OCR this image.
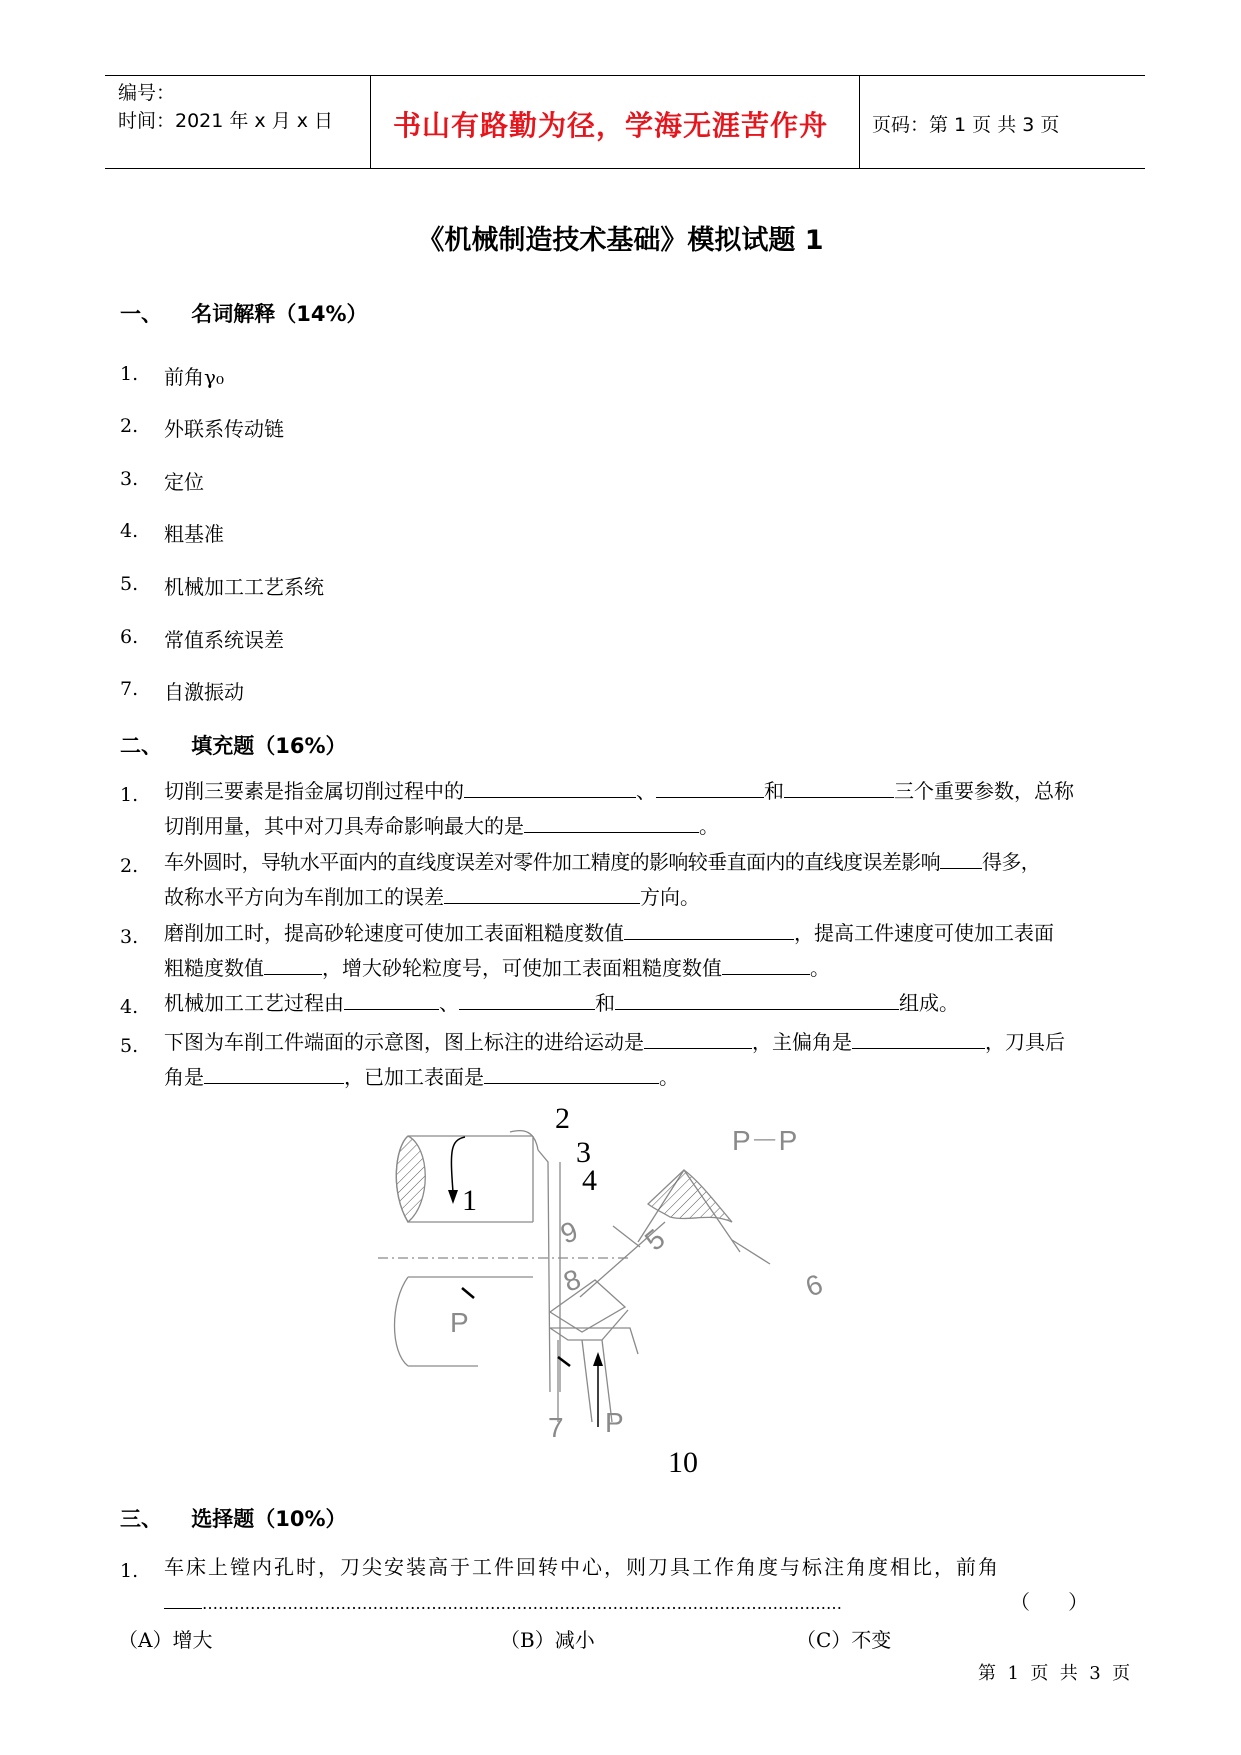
编号：
时间：2021 年 x 月 x 日 书山有路勤为径，学海无涯苦作舟 页码：第 1 页 共 3 页
《机械制造技术基础》模拟试题 1
一、    名词解释（14%）
1. 前角γ₀
2. 外联系传动链
3. 定位
4. 粗基准
5. 机械加工工艺系统
6. 常值系统误差
7. 自激振动
二、    填充题（16%）
1. 切削三要素是指金属切削过程中的	、	和	三个重要参数，总称
切削用量，其中对刀具寿命影响最大的是	。
2. 车外圆时，导轨水平面内的直线度误差对零件加工精度的影响较垂直面内的直线度误差影响 得多，
故称水平方向为车削加工的误差	方向。
3. 磨削加工时，提高砂轮速度可使加工表面粗糙度数值	，提高工件速度可使加工表面
粗糙度数值	，增大砂轮粒度号，可使加工表面粗糙度数值	。
4. 机械加工工艺过程由	、	和	组成。
5. 下图为车削工件端面的示意图，图上标注的进给运动是	，主偏角是	，刀具后
角是	，已加工表面是	。
1
2
3
4
10
5
6
7
8
9
P
P
P－P
三、    选择题（10%）
1. 车床上镗内孔时，刀尖安装高于工件回转中心，则刀具工作角度与标注角度相比，前角
…………………………………………………………………………………………………………	（      ）
（A）增大	（B）减小	（C）不变
第  1  页  共  3  页
